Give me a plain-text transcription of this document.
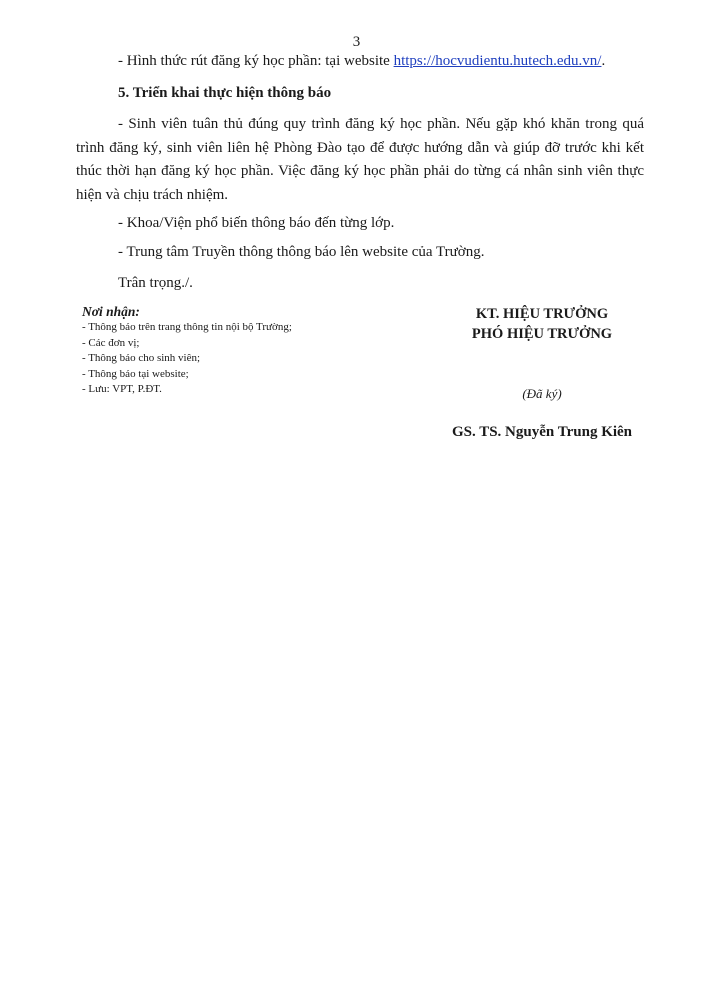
3
- Hình thức rút đăng ký học phần: tại website https://hocvudientu.hutech.edu.vn/.
5. Triển khai thực hiện thông báo
- Sinh viên tuân thủ đúng quy trình đăng ký học phần. Nếu gặp khó khăn trong quá trình đăng ký, sinh viên liên hệ Phòng Đào tạo để được hướng dẫn và giúp đỡ trước khi kết thúc thời hạn đăng ký học phần. Việc đăng ký học phần phải do từng cá nhân sinh viên thực hiện và chịu trách nhiệm.
- Khoa/Viện phổ biến thông báo đến từng lớp.
- Trung tâm Truyền thông thông báo lên website của Trường.
Trân trọng./.
Nơi nhận:
- Thông báo trên trang thông tin nội bộ Trường;
- Các đơn vị;
- Thông báo cho sinh viên;
- Thông báo tại website;
- Lưu: VPT, P.ĐT.
KT. HIỆU TRƯỞNG
PHÓ HIỆU TRƯỞNG
(Đã ký)
GS. TS. Nguyễn Trung Kiên
